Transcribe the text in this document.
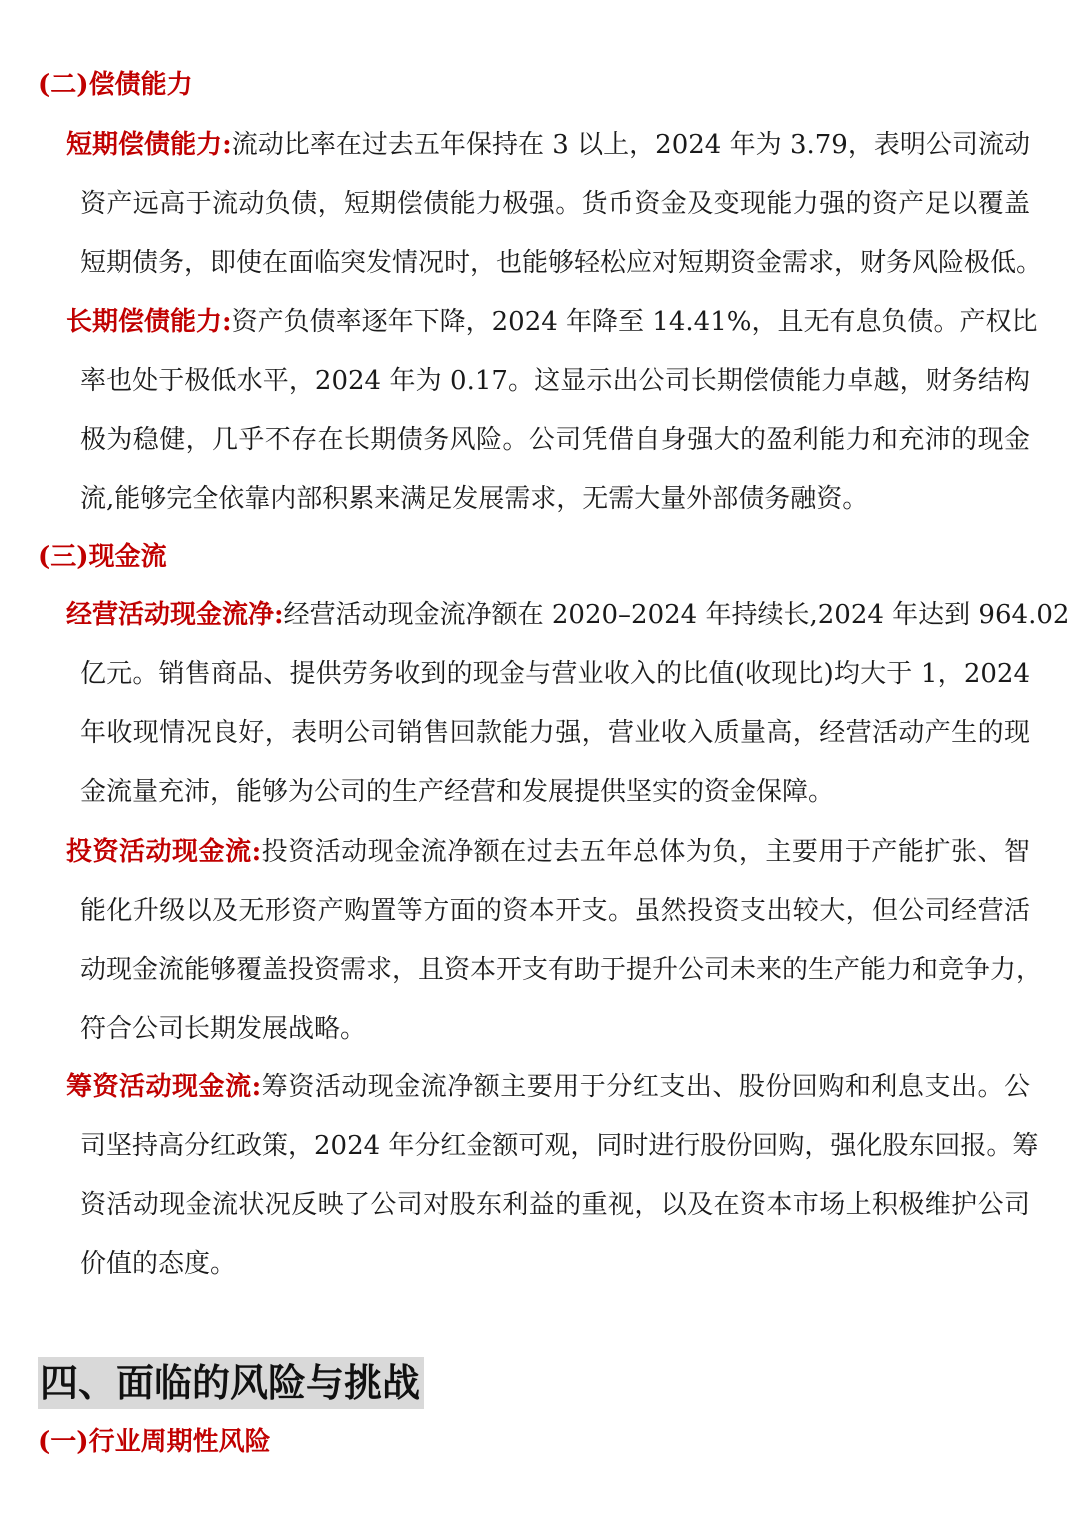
(二)偿债能力
短期偿债能力:流动比率在过去五年保持在 3 以上，2024 年为 3.79，表明公司流动
资产远高于流动负债，短期偿债能力极强。货币资金及变现能力强的资产足以覆盖
短期债务，即使在面临突发情况时，也能够轻松应对短期资金需求，财务风险极低。
长期偿债能力:资产负债率逐年下降，2024 年降至 14.41%，且无有息负债。产权比
率也处于极低水平，2024 年为 0.17。这显示出公司长期偿债能力卓越，财务结构
极为稳健，几乎不存在长期债务风险。公司凭借自身强大的盈利能力和充沛的现金
流,能够完全依靠内部积累来满足发展需求，无需大量外部债务融资。
(三)现金流
经营活动现金流净:经营活动现金流净额在 2020–2024 年持续长,2024 年达到 964.02
亿元。销售商品、提供劳务收到的现金与营业收入的比值(收现比)均大于 1，2024
年收现情况良好，表明公司销售回款能力强，营业收入质量高，经营活动产生的现
金流量充沛，能够为公司的生产经营和发展提供坚实的资金保障。
投资活动现金流:投资活动现金流净额在过去五年总体为负，主要用于产能扩张、智
能化升级以及无形资产购置等方面的资本开支。虽然投资支出较大，但公司经营活
动现金流能够覆盖投资需求，且资本开支有助于提升公司未来的生产能力和竞争力，
符合公司长期发展战略。
筹资活动现金流:筹资活动现金流净额主要用于分红支出、股份回购和利息支出。公
司坚持高分红政策，2024 年分红金额可观，同时进行股份回购，强化股东回报。筹
资活动现金流状况反映了公司对股东利益的重视，以及在资本市场上积极维护公司
价值的态度。
四、面临的风险与挑战
(一)行业周期性风险
